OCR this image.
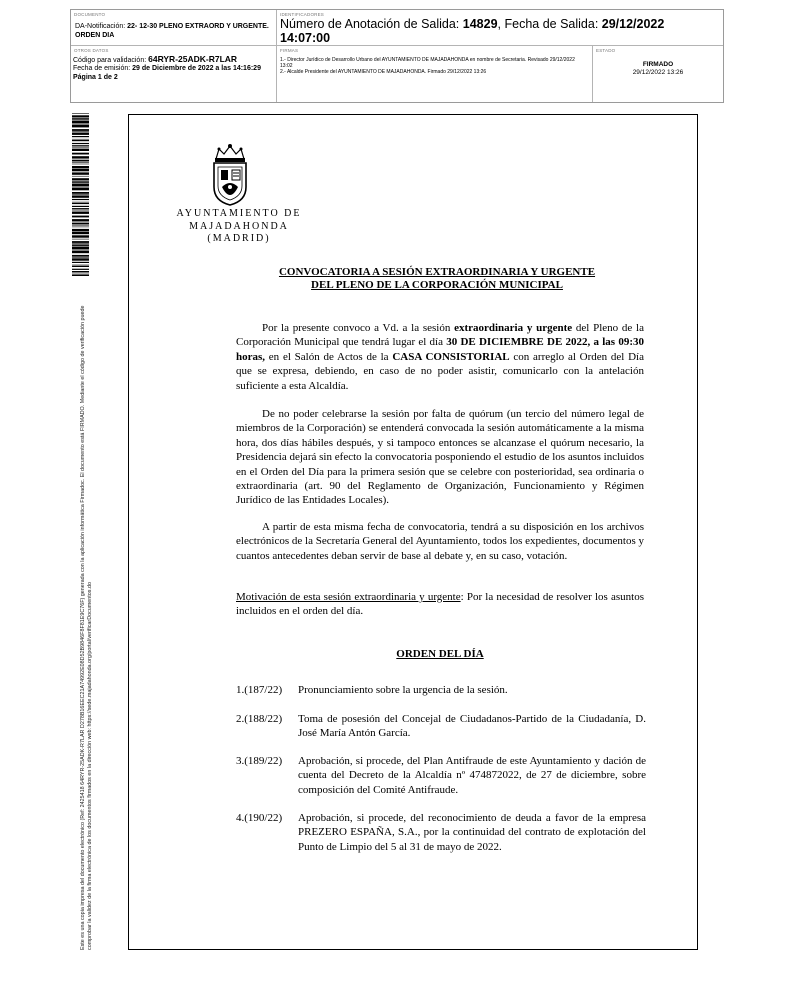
DOCUMENTO
DA-Notificación: 22- 12-30 PLENO EXTRAORD Y URGENTE. ORDEN DIA
IDENTIFICADORES
Número de Anotación de Salida: 14829, Fecha de Salida: 29/12/2022 14:07:00
OTROS DATOS
Código para validación: 64RYR-25ADK-R7LAR
Fecha de emisión: 29 de Diciembre de 2022 a las 14:16:29
Página 1 de 2
FIRMAS
1.- Director Jurídico de Desarrollo Urbano del AYUNTAMIENTO DE MAJADAHONDA en nombre de Secretaria. Revisado 29/12/2022 13:02
2.- Alcalde Presidente del AYUNTAMIENTO DE MAJADAHONDA. Firmado 29/12/2022 13:26
ESTADO
FIRMADO
29/12/2022 13:26
Este es una copia impresa del documento electrónico (Ref: 2425418 64RYR-25ADK-R7LAR D278B16EEC21A74992E08D52B9846F8F81E9C76F) generada con la aplicación informática Firmadoc. El documento está FIRMADO. Mediante el código de verificación puede comprobar la validez de la firma electrónica de los documentos firmados en la dirección web: https://sede.majadahonda.org/portal/verificarDocumentos.do
AYUNTAMIENTO DE
MAJADAHONDA
(MADRID)
CONVOCATORIA A SESIÓN EXTRAORDINARIA Y URGENTE
DEL PLENO DE LA CORPORACIÓN MUNICIPAL
Por la presente convoco a Vd. a la sesión extraordinaria y urgente del Pleno de la Corporación Municipal que tendrá lugar el día 30 DE DICIEMBRE DE 2022, a las 09:30 horas, en el Salón de Actos de la CASA CONSISTORIAL con arreglo al Orden del Día que se expresa, debiendo, en caso de no poder asistir, comunicarlo con la antelación suficiente a esta Alcaldía.
De no poder celebrarse la sesión por falta de quórum (un tercio del número legal de miembros de la Corporación) se entenderá convocada la sesión automáticamente a la misma hora, dos días hábiles después, y si tampoco entonces se alcanzase el quórum necesario, la Presidencia dejará sin efecto la convocatoria posponiendo el estudio de los asuntos incluidos en el Orden del Día para la primera sesión que se celebre con posterioridad, sea ordinaria o extraordinaria (art. 90 del Reglamento de Organización, Funcionamiento y Régimen Jurídico de las Entidades Locales).
A partir de esta misma fecha de convocatoria, tendrá a su disposición en los archivos electrónicos de la Secretaría General del Ayuntamiento, todos los expedientes, documentos y cuantos antecedentes deban servir de base al debate y, en su caso, votación.
Motivación de esta sesión extraordinaria y urgente: Por la necesidad de resolver los asuntos incluidos en el orden del día.
ORDEN DEL DÍA
1.(187/22)	Pronunciamiento sobre la urgencia de la sesión.
2.(188/22)	Toma de posesión del Concejal de Ciudadanos-Partido de la Ciudadanía, D. José María Antón García.
3.(189/22)	Aprobación, si procede, del Plan Antifraude de este Ayuntamiento y dación de cuenta del Decreto de la Alcaldía nº 474872022, de 27 de diciembre, sobre composición del Comité Antifraude.
4.(190/22)	Aprobación, si procede, del reconocimiento de deuda a favor de la empresa PREZERO ESPAÑA, S.A., por la continuidad del contrato de explotación del Punto de Limpio del 5 al 31 de mayo de 2022.
